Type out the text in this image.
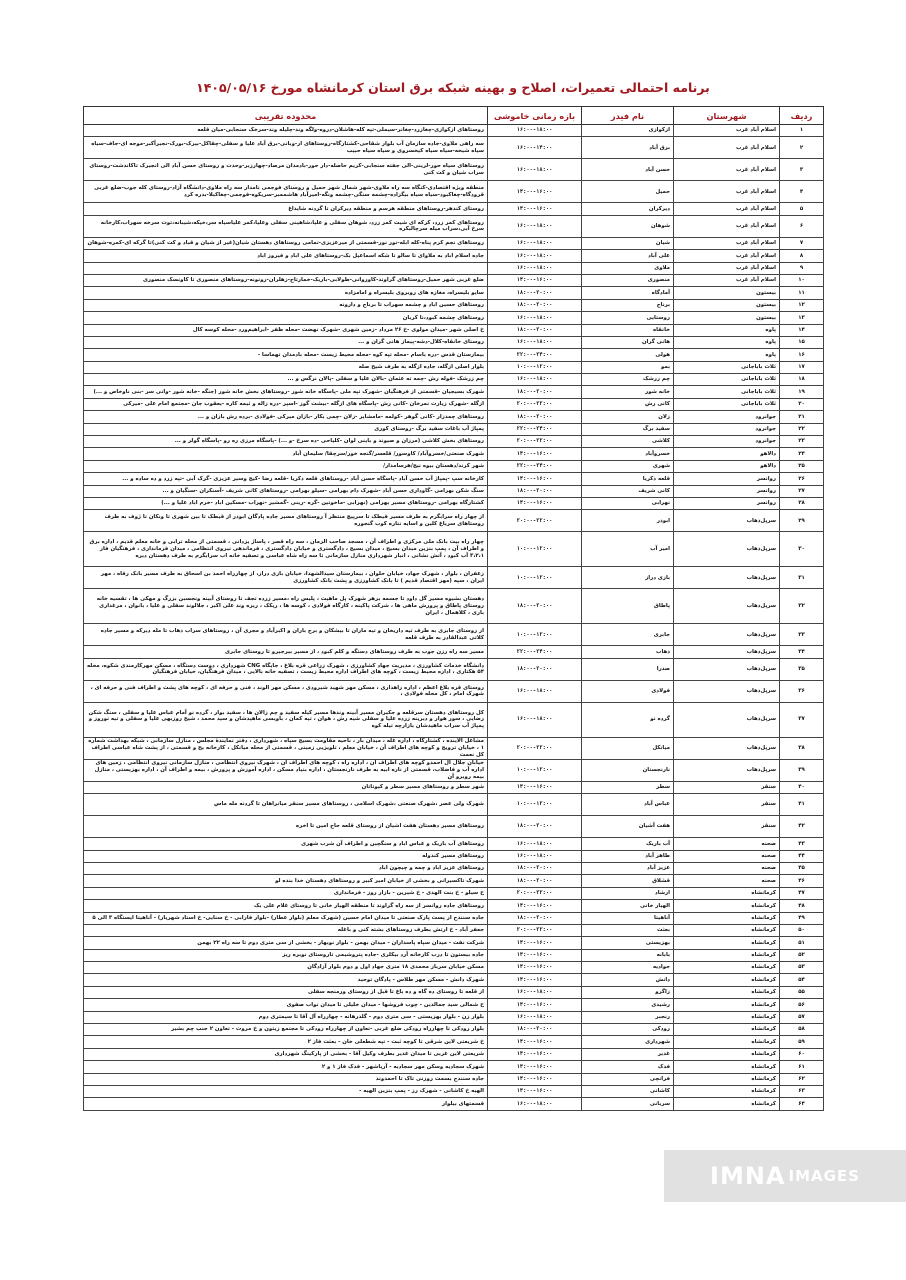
برنامه احتمالی تعمیرات، اصلاح و بهینه شبکه برق استان کرمانشاه مورخ ۱۴۰۵/۰۵/۱۶
ردیف	شهرستان	نام فیدر	بازه زمانی خاموشی	محدوده تقریبی
۱	اسلام آباد غرب	ازکوازی	۱۶:۰۰-۱۸:۰۰	روستاهای ازکوازی-چغازرد-چغانر-سیملی-تپه کله-هاشلان-دروه-ولگه وند-چلیله وند-سرخک سنجابی-میان قلعه
۲	اسلام آباد غرب	برق آباد	۱۶:۰۰-۱۴:۰۰	سه راهی ملاوی-جاده سازمان آب بلوار شقاحی-کشتارگاه-روستاهای ار-وبانی-برق آباد علیا و سفلی-چقاکل-بیرک-بورک-نجیرآکبر-موجه ای-جاف-سیاه سیاه شیخه-سیاه سیاه کیخسروی و سیاه سیاه حبیب
۳	اسلام آباد غرب	حسن آباد	۱۶:۰۰-۱۸:۰۰	روستاهای سیاه حور-لرینی-الی جفته سنجابی-کریم حاصله-دار حور-بادمدان مرصاد-چهارزبر-وحدت و روستای حسن آباد الی انجیرک تاکاندشت-روستای سراب شیان و کت کنی
۴	اسلام آباد غرب	حمیل	۱۴:۰۰-۱۶:۰۰	منطقه ویژه اقتصادی-کنگاه سه راه ملاوی-شهر شمال شهر حمیل و روستای فوجمی نامدار سه راه ملاوی-دانشگاه آزاد-روستای کله جوب-ضلع غربی قرودگاه-چغاکبود-سیاه سیاه بیگزاده-چشمه سنگی-چشمه ونگه-امیرآباد هاشممبر-سریکوه-فوجمی-چغاکبلا-بدره کرد
۵	اسلام آباد غرب	دیرکران	۱۴:۰۰-۱۶:۰۰	روستای کندهر-روستاهای منطقه هرسم و منطقه دیرکران تا گردنه شایداغ
۶	اسلام آباد غرب	شوهان	۱۶:۰۰-۱۸:۰۰	روستاهای کمر زرد، کرکه ای شیت کمر زرد، شوهان سفلی و علیا،شاهینی سفلی وعلیا،کمر علیاسیاه سر،خیکه،شیبانه،توت سرخه سهراب،کارخانه سرخ آبی،سراب میله سرچالبکره
۷	اسلام آباد غرب	شیان	۱۶:۰۰-۱۸:۰۰	روستاهای نجم کرم پناه-کله ابله-نور نور-قسمتی از میرعزیزی-تمامی روستاهای دهستان شیان(غیر از شیان و قباد و کت کنی)تا گرکه ای-کمره-شوهان
۸	اسلام آباد غرب	علی آباد	۱۶:۰۰-۱۸:۰۰	جاده اسلام اباد به ملاوای تا سالو تا شکه اسماعیل بک-روستاهای علی اباد و فیروز اباد
۹	اسلام آباد غرب	ملاوی	۱۶:۰۰-۱۸:۰۰	
۱۰	اسلام آباد غرب	منصوری	۱۴:۰۰-۱۶:۰۰	ضلع غربی شهر حمیل-روستاهای گراوند-کاوروانی-طولابی-باریک-خمارتاج-زهلران-رونونه-روستاهای منصوری تا کاونسک منصوری
۱۱	بیستون	آمادگاه	۱۸:۰۰-۲۰:۰۰	سایو بلیسراه، مغازه های روبروی بلیسراه و امامزاده
۱۲	بیستون	برناج	۱۸:۰۰-۲۰:۰۰	روستاهای حسین اباد و چشمه سهراب تا برناج و دارونه
۱۳	بیستون	روستایی	۱۶:۰۰-۱۸:۰۰	روستاهای چشمه کبود،نا کربان
۱۴	پاوه	خانقاه	۱۸:۰۰-۲۰:۰۰	خ اصلی شهر -میدان مولوی -خ ۲۶ مرداد -زمین شهری -شهرک نهضت -محله ظفر -ابراهیم‌ورد -محله کوسه کال
۱۵	پاوه	هانی گران	۱۶:۰۰-۱۸:۰۰	روستای خانقاه-کلال-دشه-پیماز هانی گران و ...
۱۶	پاوه	هولی	۲۲:۰۰-۲۴:۰۰	بیمارستان قدس -دره باسام -محله تپه کوه -محله محیط زیست -محله بادمدان تهماسا -
۱۷	ثلاث باباجانی	بمو	۱۰:۰۰-۱۲:۰۰	بلوار اصلی ازگله، جاده ازگله به طرف شیخ صله
۱۸	ثلاث باباجانی	چم زرشک	۱۶:۰۰-۱۸:۰۰	چم زرشک -فوله رش -چمه ته عثمان -بالان علیا و سفلی -پالان نرگس و ...
۱۹	ثلاث باباجانی	خانه شور	۱۸:۰۰-۲۰:۰۰	شهرک بسیجیان -قسمتی از فرهنگیان -شهرک تپه ملی -پاسگاه خانه شور -روستاهای بخش خانه شور (جنگه -خانه شور -وانی سر -بنی ناوخاص و ...)
۲۰	ثلاث باباجانی	کانی رش	۲۰:۰۰-۲۲:۰۰	ازگله -شهرک زیارت نمرخان -کانی رش -پاسگاه های ازگله -بیشت گوز -اسپر -دره زاله و ثیمه کاره -یعقوب جان -مجتمع امام علی -میرکی
۲۱	جوانرود	زلان	۱۸:۰۰-۲۰:۰۰	روستاهای چمدزار -کانی گوهر -کولمه -مامشایر -زلان -چمی بکار -بازان میرکی -فولادی -برده رش بازان و ...
۲۲	جوانرود	سفید برگ	۲۲:۰۰-۲۴:۰۰	پمپاژ آب باغات سفید برگ -روستای کوری
۲۳	جوانرود	کلاشی	۲۰:۰۰-۲۲:۰۰	روستاهای بخش کلاشی (مرزان و صیوند و باینی لوان -کلیاحی -ده سرخ -و ...) -پاسگاه مرزی ره رو -پاسگاه گولر و ...
۲۴	دالاهو	خسروآباد	۱۴:۰۰-۱۶:۰۰	شهرک صنعتی/خسروآباد/ کاوسور/ قلعسر/گنجه خور/سرچقا/ سلیمان آباد
۲۵	دالاهو	شهری	۲۲:۰۰-۲۴:۰۰	شهر کرند/دهستان بیوه نیج/هرسامدار/
۲۶	روانسر	قلعه ذکریا	۱۴:۰۰-۱۶:۰۰	کارخانه سپ -پمپاژ آب حسن آباد -پاسگاه حسن آباد -روستاهای قلعه ذکریا -قلعه رضا -کیج وسیر عزیزی -گرک آبی -تپه زرد و ده ساده و ...
۲۷	روانسر	کانی شریف	۱۸:۰۰-۲۰:۰۰	سنگ شکن بهرامی -گاوداری حسن آباد -شهرک دام بهرامی -سیلو بهرامی -روستاهای کانی شریف -آسنکران -سنگیان و ...
۲۸	روانسر	نهرابی	۱۴:۰۰-۱۶:۰۰	کشتارگاه بهرامی -روستاهای مسیر بهرامی (نهرابی -ماخوتین -گره -رینی -گمشیر -نهراب -مسکین اباد -خرم اباد علیا و ...)
۲۹	سرپل‌ذهاب	ابوذر	۲۰:۰۰-۲۲:۰۰	از چهار راه سرابگرم به طرف مسیر قیطک تا سرپیچ منتظر آ روستاهای مسیر جاده پادگان ابوذر از قیطک تا بین شهری تا ونکان تا ژوف به طرف روستاهای سرباغ کلین و اسایه نتاره کوب گنجوره
۳۰	سرپل‌ذهاب	امیر آب	۱۰:۰۰-۱۲:۰۰	چهار راه بیت بانک ملی مرکزی و اطراف آن ، مسجد صاحب الزمان ، سه راه قصر ، پاساژ یزدانی ، قسمتی از محله ترابی و خانه معلم قدیم ، اداره برق و اطراف آن ، پمپ بنزین میدان بسیج ، میدان بسیج ، دادگستری و خیابان دادگستری ، فرماندهی نیروی انتظامی ، میدان فرمانداری ، فرهنگیان فاز ۳،۲،۱ آب کبود ، آتش نشانی ، انبار شهرداری منازل سازمانی تا سه راه شاه عباسی و تصفیه خانه اب سرابگرم به طرف دهستان دیره
۳۱	سرپل‌ذهاب	بازی دراز	۱۰:۰۰-۱۲:۰۰	زعفران ، بلوار ، شهرک جهاد، خیابان حلوان ، بیمارستان سیدالشهدا، خیابان بازی دراز، از چهارراه احمد بن اسحاق به طرف مسیر بانک رفاه ، مهر ایران ، سپه (مهر اقتصاد قدیم ) تا بانک کشاورزی و پشت بانک کشاورزی
۳۲	سرپل‌ذهاب	پاطاق	۱۸:۰۰-۲۰:۰۰	دهستان بشیوه مسیر گل داود تا جسمه برهر شهرک پل ماهیت ، پلیس راه ،مسیر زرده تجف تا روستای آبینه ونجسبن بزرگ و مهکی ها ، تقسیه خانه روستای پاطاق و پرورش ماهی ها ، شرکت پاکینه ، کارگاه فولادی ، کوسه ها ، ریکک ، ریزه وند علی اکبر ، جلالوند سفلی و علیا ، بانوان ، مرغداری باری ، کلاهمال ، ایران
۳۳	سرپل‌ذهاب	جابری	۱۰:۰۰-۱۲:۰۰	از روستای جابری به طرف تیه داریخان و تیه ماران تا بیشکان و برج باران و اکبرآباد و مجری آن ، روستاهای سراب ذهاب تا مله دیرکه و مسیر جاده کلاتی عبدالقادر به طرف قلعه
۳۴	سرپل‌ذهاب	ذهاب	۲۲:۰۰-۲۴:۰۰	مسیر سه راه رزن جوب به طرف روستاهای دستگه و کلم کبود ، از مسیر بیرجیرو تا روستای جابری
۳۵	سرپل‌ذهاب	صدرا	۱۸:۰۰-۲۰:۰۰	دانشگاه خدمات کشاورزی ، مدیریت جهاد کشاورزی ، شهرک زراعی قره بلاغ ، جایگاه CNG شهرداری ، دوست دستگاه ، مسکن مهرکارمندی شکوه، محله ۵۴ هکتاری ، اداره محیط زیست ، کوچه های اطراف اداره محیط زیست ، تصفیه خانه بالایی ، میدان فرهنگیان، خیابان فرهنگیان
۳۶	سرپل‌ذهاب	فولادی	۱۶:۰۰-۱۸:۰۰	روستای قره بلاغ اعظم ، اداره راهداری ، مسکن مهر شهید شیرودی ، مسکن مهر الوند ، فنی و حرفه ای ، کوچه های پشت و اطراف فنی و حرفه ای ، شهرک امام ، کل محله فولادی ،
۳۷	سرپل‌ذهاب	گرده نو	۱۶:۰۰-۱۸:۰۰	کل روستاهای دهستان سرقلعه و جکیران مسیر آبینه وندها مسیر کیله سفید و چم زالان ها ، سفید بوار ، گرده نو آمام عباس علیا و سفلی ، سنگ شکن رضایی ، سور هوار و دیرینه زرده علیا و سفلی شیه رش ، هوان ، تیه کمان ، باویسی ماهیدشان و سید محمد ، شیخ روزبهی علیا و سفلی و تیه نوروز و پمپاژ آب سراب ماهیدشان بازارچه تیله کوه
۳۸	سرپل‌ذهاب	میانکل	۲۰:۰۰-۲۲:۰۰	مشاغل آلاینده ، کشتارگاه ، اداره غله ، میدان بار ، ناحیه مقاومت بسیج سپاه ، شهرداری ، دفتر نمایندهٔ مجلس ، منازل سازمانی ، شبکه بهداشت شماره ۱ ، خیابان ترویج و کوچه های اطراف آن ، خیابان معلم ، تلویزیی زمینی ، قسمتی از محله میانکل ، کارخانه یخ و قسمتی ، از پشت شاه عباسی اطراف کل نعمت
۳۹	سرپل‌ذهاب	نارنجستان	۱۰:۰۰-۱۲:۰۰	خیابان جلال آل احمدو کوچه های اطراف آن ، اداره راه ، کوچه های اطراف آن ، شهرک نیروی انتظامی ، منازل سازمانی نیروی انتظامی ، زمین های اداره آب و فاضلاب، قسمتی از ناره ابیه به طرف نارنجستان ، اداره بنیاد مسکن ، اداره آموزش و پرورش ، بیمه و اطراف آن ، اداره بهزیستی ، منازل بیمه روبرو آن
۴۰	سنقر	سطر	۱۴:۰۰-۱۶:۰۰	شهر سطر و روستاهای مسیر سطر و کیوتاتان
۴۱	سنقر	عباس آباد	۱۰:۰۰-۱۲:۰۰	شهرک ولی عصر ،شهرک صنعتی ،شهرک اسلامی ، روستاهای مسیر سنقر میانراهان تا گردنه مله ماس
۴۲	سنقر	هفت آشیان	۱۸:۰۰-۲۰:۰۰	روستاهای مسیر دهستان هفت اشیان از روستای قلعه حاج امین تا اخره
۴۳	صحنه	آب باریک	۱۶:۰۰-۱۸:۰۰	روستاهای آب باریک و عباس اباد و سنگچین و اطراف آن شرب شهری
۴۴	صحنه	طاهر آباد	۱۶:۰۰-۱۸:۰۰	روستاهای مسیر کندوله
۴۵	صحنه	عزیز آباد	۱۸:۰۰-۲۰:۰۰	روستاهای عزیز اباد و چمه و چیچون اباد
۴۶	صحنه	قشلاق	۱۸:۰۰-۲۰:۰۰	شهرک تاکسیرانی و بخشی از خیابان امیر کبیر و روستاهای دهستان خدا بنده لو
۴۷	کرمانشاه	ارشاد	۲۰:۰۰-۲۲:۰۰	خ سیلو - خ بنت الهدی - خ شیرین - بازار روز - فرمانداری
۴۸	کرمانشاه	الهیار خانی	۱۴:۰۰-۱۶:۰۰	روستاهای جاده روانسر از سه راه گراوند تا منطقه الهیار خانی تا روستای غلام علی بک
۴۹	کرمانشاه	آناهیتا	۱۸:۰۰-۲۰:۰۰	جاده سنندج از پست پارک صنعتی تا میدان امام حسین (شهرک معلم (بلوار عطار) -بلوار فارابی - خ سنایی- خ استاد شهریار) - آناهیتا ایستگاه ۳ الی ۵
۵۰	کرمانشاه	بعثت	۲۰:۰۰-۲۲:۰۰	جعفر آباد - خ ارتش بطرف روستاهای بشته کنی و باغله
۵۱	کرمانشاه	بهزیستی	۱۴:۰۰-۱۶:۰۰	شرکت نفت - میدان سپاه پاسداران - میدان بهمن - بلوار نوبهار - بخشی از سی متری دوم تا سه راه ۲۲ بهمن
۵۲	کرمانشاه	بابانه	۱۴:۰۰-۱۶:۰۰	جاده بیستون تا درب کارخانه آرد بیکلری -جاده پتروشیمی تاروستای نوبره ریز
۵۳	کرمانشاه	جوادیه	۱۴:۰۰-۱۶:۰۰	مسکن خیابان سرباز محمدی ۱۸ متری جهاد اول و دوم بلوار آزادگان
۵۴	کرمانشاه	دانش	۱۴:۰۰-۱۶:۰۰	شهرک دانش - مسکن مهر طلاس - پادگان توحید
۵۵	کرمانشاه	زاگرو	۱۶:۰۰-۱۸:۰۰	از قلعه تا روستای ده گاه و ده باغ تا قبل از روستای ورمنجه سفلی
۵۶	کرمانشاه	رشیدی	۱۴:۰۰-۱۶:۰۰	خ شمالی سید جمالدین - چوب فروشها - میدان خلیلی تا میدان نواب صفوی
۵۷	کرمانشاه	رنجبر	۱۶:۰۰-۱۸:۰۰	بلوار زن - بلوار بهزیستی - سی متری دوم - گلدرهانه - چهارراه آل آقا تا سیمتری دوم
۵۸	کرمانشاه	رودکی	۱۸:۰۰-۲۰:۰۰	بلوار رودکی تا چهارراه رودکی ضلع غربی -تعاون از چهارراه رودکی تا مجتمع زیتون و خ مروت - تعاون ۲ جنب چم بشیر
۵۹	کرمانشاه	شهرداری	۱۴:۰۰-۱۶:۰۰	خ شریعتی لاین شرقی تا کوچه ثبت - تپه شطعلی خان - بعثت فاز ۲
۶۰	کرمانشاه	غدیر	۱۴:۰۰-۱۶:۰۰	شریعتی لاین غربی تا میدان غدیر بطرف وکیل آقا - بخشی از پارکینگ شهرداری
۶۱	کرمانشاه	فدک	۱۴:۰۰-۱۶:۰۰	شهرک سجادیه وسکن مهر سجادیه - آریاشهر - فدک فاز ۱ و ۲
۶۲	کرمانشاه	فرانچی	۱۴:۰۰-۱۶:۰۰	جاده سنندج بسمت روزنی تاک تا احمدوند
۶۳	کرمانشاه	کاشانی	۱۴:۰۰-۱۶:۰۰	الهیه خ کاشانی - شهرک رز - پمپ بنزین الهیه -
۶۴	کرمانشاه	سربانی	۱۶:۰۰-۱۸:۰۰	قسمتهای بیلوار
IMNA IMAGES
